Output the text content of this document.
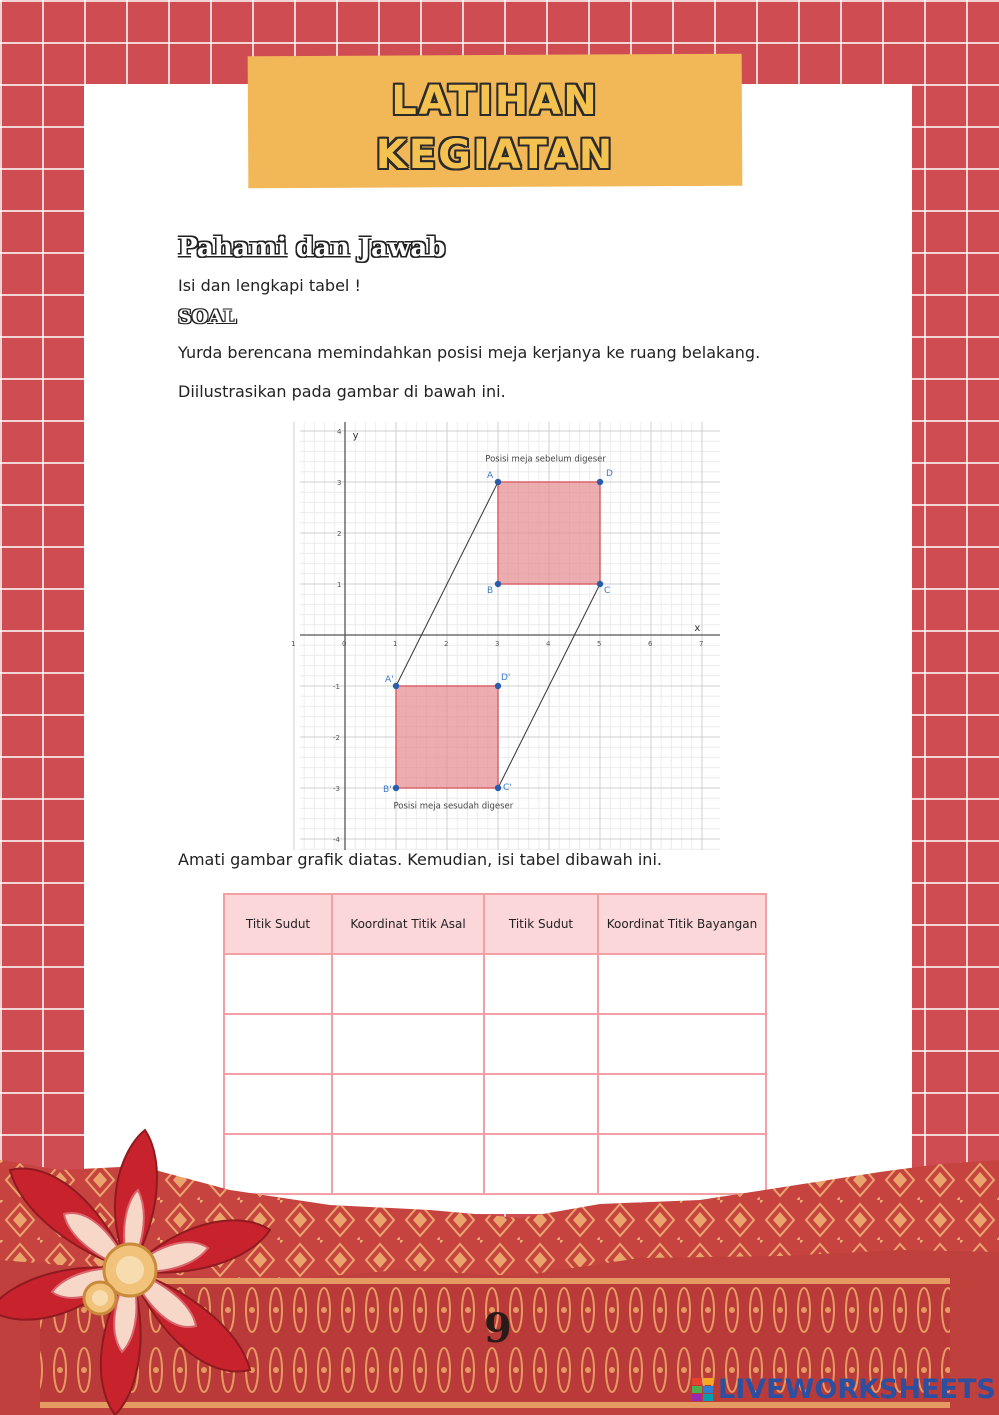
LATIHAN
KEGIATAN
Pahami dan Jawab
Isi dan lengkapi tabel !
SOAL
Yurda berencana memindahkan posisi meja kerjanya ke ruang belakang.
Diilustrasikan pada gambar di bawah ini.
x
y
1	0	1	2	3	4	5	6	7
4
3
2
1
-1
-2
-3
-4
A
B	C
D
A'
B'	C'
D'
Posisi meja sebelum digeser
Posisi meja sesudah digeser
Amati gambar grafik diatas. Kemudian, isi tabel dibawah ini.
Titik Sudut	Koordinat Titik Asal	Titik Sudut	Koordinat Titik Bayangan

9
LIVEWORKSHEETS
